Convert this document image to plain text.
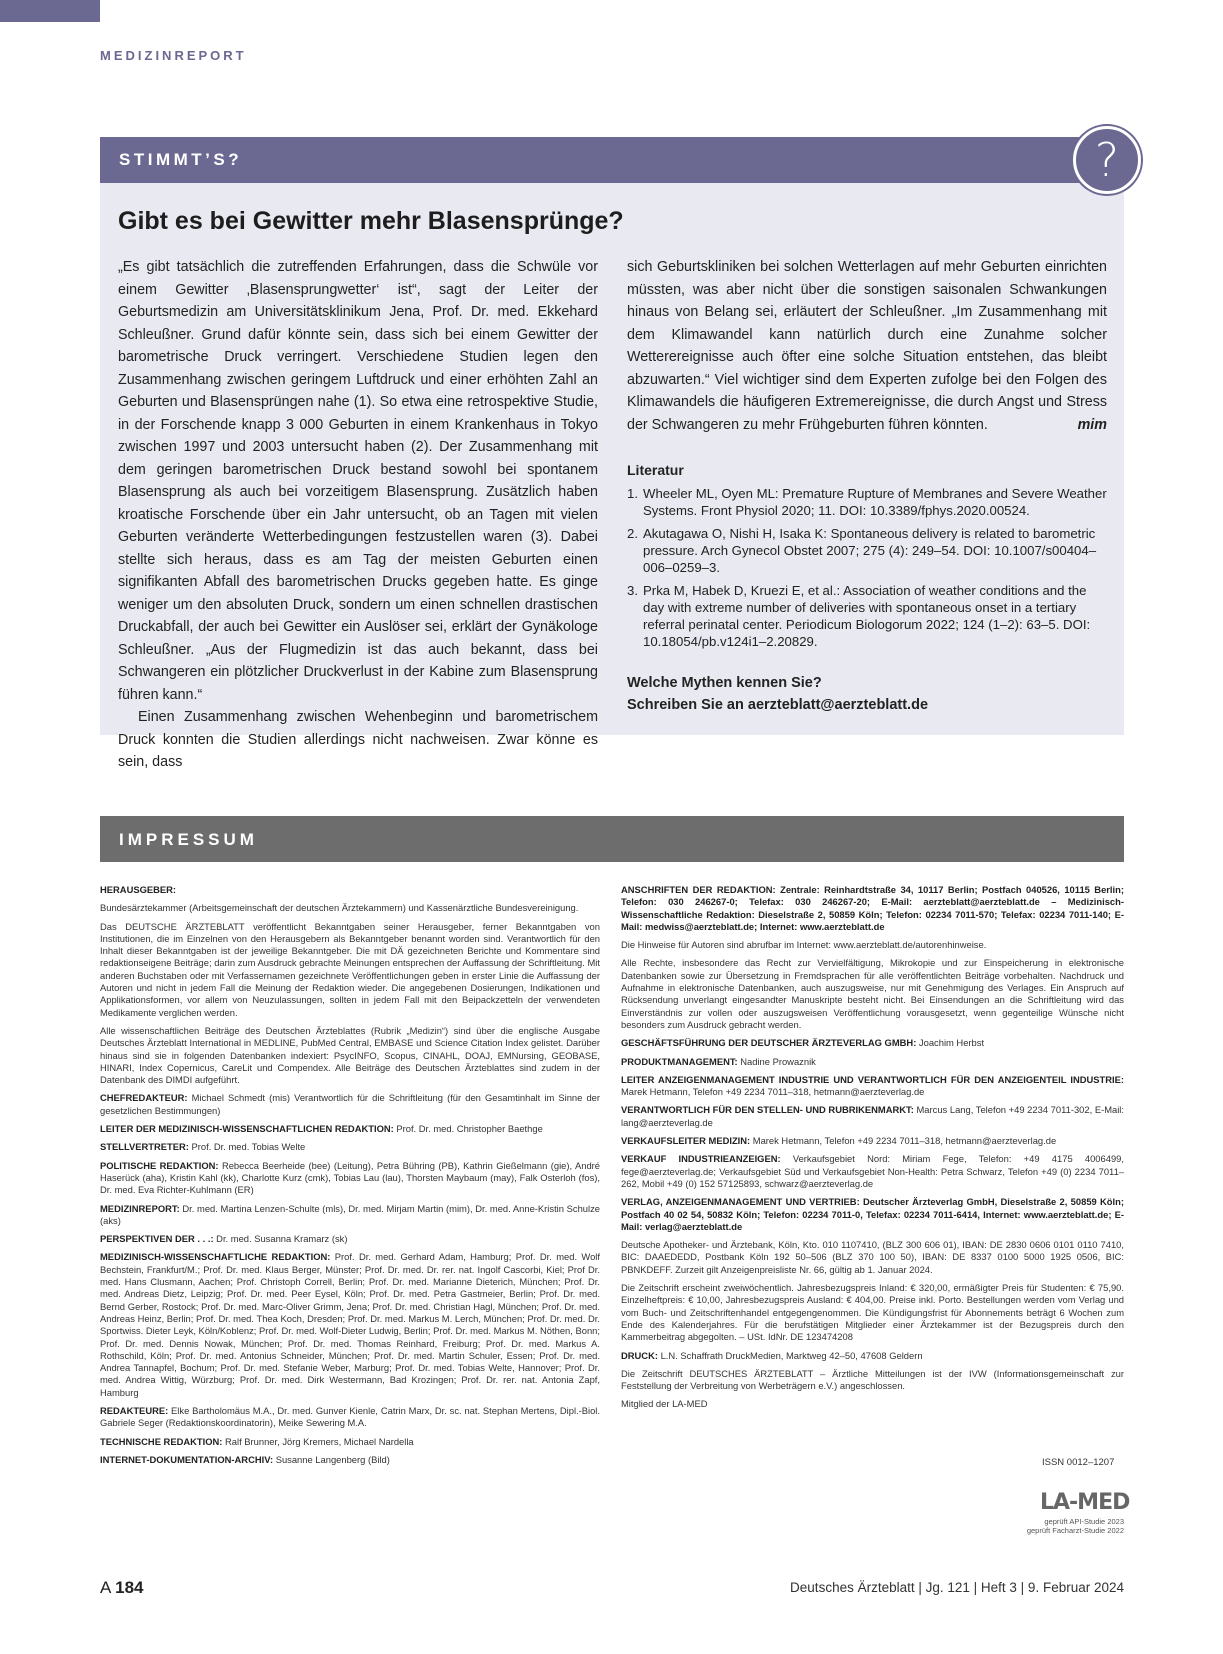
MEDIZINREPORT
STIMMT’S?
Gibt es bei Gewitter mehr Blasensprünge?

„Es gibt tatsächlich die zutreffenden Erfahrungen, dass die Schwüle vor einem Gewitter ‚Blasensprungwetter‘ ist“, sagt der Leiter der Geburtsmedizin am Universitätsklinikum Jena, Prof. Dr. med. Ekkehard Schleußner. Grund dafür könnte sein, dass sich bei einem Gewitter der barometrische Druck verringert. Verschiedene Studien legen den Zusammenhang zwischen geringem Luftdruck und einer erhöhten Zahl an Geburten und Blasensprüngen nahe (1). So etwa eine retrospektive Studie, in der Forschende knapp 3 000 Geburten in einem Krankenhaus in Tokyo zwischen 1997 und 2003 untersucht haben (2). Der Zusammenhang mit dem geringen barometrischen Druck bestand sowohl bei spontanem Blasensprung als auch bei vorzeitigem Blasensprung. Zusätzlich haben kroatische Forschende über ein Jahr untersucht, ob an Tagen mit vielen Geburten veränderte Wetterbedingungen festzustellen waren (3). Dabei stellte sich heraus, dass es am Tag der meisten Geburten einen signifikanten Abfall des barometrischen Drucks gegeben hatte. Es ginge weniger um den absoluten Druck, sondern um einen schnellen drastischen Druckabfall, der auch bei Gewitter ein Auslöser sei, erklärt der Gynäkologe Schleußner. „Aus der Flugmedizin ist das auch bekannt, dass bei Schwangeren ein plötzlicher Druckverlust in der Kabine zum Blasensprung führen kann.“

Einen Zusammenhang zwischen Wehenbeginn und barometrischem Druck konnten die Studien allerdings nicht nachweisen. Zwar könne es sein, dass

sich Geburtskliniken bei solchen Wetterlagen auf mehr Geburten einrichten müssten, was aber nicht über die sonstigen saisonalen Schwankungen hinaus von Belang sei, erläutert der Schleußner. „Im Zusammenhang mit dem Klimawandel kann natürlich durch eine Zunahme solcher Wetterereignisse auch öfter eine solche Situation entstehen, das bleibt abzuwarten.“ Viel wichtiger sind dem Experten zufolge bei den Folgen des Klimawandels die häufigeren Extremereignisse, die durch Angst und Stress der Schwangeren zu mehr Frühgeburten führen könnten.	mim

Literatur
1. Wheeler ML, Oyen ML: Premature Rupture of Membranes and Severe Weather Systems. Front Physiol 2020; 11. DOI: 10.3389/fphys.2020.00524.
2. Akutagawa O, Nishi H, Isaka K: Spontaneous delivery is related to barometric pressure. Arch Gynecol Obstet 2007; 275 (4): 249–54. DOI: 10.1007/s00404–006–0259–3.
3. Prka M, Habek D, Kruezi E, et al.: Association of weather conditions and the day with extreme number of deliveries with spontaneous onset in a tertiary referral perinatal center. Periodicum Biologorum 2022; 124 (1–2): 63–5. DOI: 10.18054/pb.v124i1–2.20829.
Welche Mythen kennen Sie?
Schreiben Sie an aerzteblatt@aerzteblatt.de
?
IMPRESSUM

HERAUSGEBER:

Bundesärztekammer (Arbeitsgemeinschaft der deutschen Ärztekammern) und Kassenärztliche Bundesvereinigung.

Das DEUTSCHE ÄRZTEBLATT veröffentlicht Bekanntgaben seiner Herausgeber, ferner Bekanntgaben von Institutionen, die im Einzelnen von den Herausgebern als Bekanntgeber benannt worden sind. Verantwortlich für den Inhalt dieser Bekanntgaben ist der jeweilige Bekanntgeber. Die mit DÄ gezeichneten Berichte und Kommentare sind redaktionseigene Beiträge; darin zum Ausdruck gebrachte Meinungen entsprechen der Auffassung der Schriftleitung. Mit anderen Buchstaben oder mit Verfassernamen gezeichnete Veröffentlichungen geben in erster Linie die Auffassung der Autoren und nicht in jedem Fall die Meinung der Redaktion wieder. Die angegebenen Dosierungen, Indikationen und Applikationsformen, vor allem von Neuzulassungen, sollten in jedem Fall mit den Beipackzetteln der verwendeten Medikamente verglichen werden.

Alle wissenschaftlichen Beiträge des Deutschen Ärzteblattes (Rubrik „Medizin“) sind über die englische Ausgabe Deutsches Ärzteblatt International in MEDLINE, PubMed Central, EMBASE und Science Citation Index gelistet. Darüber hinaus sind sie in folgenden Datenbanken indexiert: PsycINFO, Scopus, CINAHL, DOAJ, EMNursing, GEOBASE, HINARI, Index Copernicus, CareLit und Compendex. Alle Beiträge des Deutschen Ärzteblattes sind zudem in der Datenbank des DIMDI aufgeführt.

CHEFREDAKTEUR: Michael Schmedt (mis) Verantwortlich für die Schriftleitung (für den Gesamtinhalt im Sinne der gesetzlichen Bestimmungen)

LEITER DER MEDIZINISCH-WISSENSCHAFTLICHEN REDAKTION: Prof. Dr. med. Christopher Baethge

STELLVERTRETER: Prof. Dr. med. Tobias Welte

POLITISCHE REDAKTION: Rebecca Beerheide (bee) (Leitung), Petra Bühring (PB), Kathrin Gießelmann (gie), André Haserück (aha), Kristin Kahl (kk), Charlotte Kurz (cmk), Tobias Lau (lau), Thorsten Maybaum (may), Falk Osterloh (fos), Dr. med. Eva Richter-Kuhlmann (ER)

MEDIZINREPORT: Dr. med. Martina Lenzen-Schulte (mls), Dr. med. Mirjam Martin (mim), Dr. med. Anne-Kristin Schulze (aks)

PERSPEKTIVEN DER . . .: Dr. med. Susanna Kramarz (sk)

MEDIZINISCH-WISSENSCHAFTLICHE REDAKTION: Prof. Dr. med. Gerhard Adam, Hamburg; Prof. Dr. med. Wolf Bechstein, Frankfurt/M.; Prof. Dr. med. Klaus Berger, Münster; Prof. Dr. med. Dr. rer. nat. Ingolf Cascorbi, Kiel; Prof Dr. med. Hans Clusmann, Aachen; Prof. Christoph Correll, Berlin; Prof. Dr. med. Marianne Dieterich, München; Prof. Dr. med. Andreas Dietz, Leipzig; Prof. Dr. med. Peer Eysel, Köln; Prof. Dr. med. Petra Gastmeier, Berlin; Prof. Dr. med. Bernd Gerber, Rostock; Prof. Dr. med. Marc-Oliver Grimm, Jena; Prof. Dr. med. Christian Hagl, München; Prof. Dr. med. Andreas Heinz, Berlin; Prof. Dr. med. Thea Koch, Dresden; Prof. Dr. med. Markus M. Lerch, München; Prof. Dr. med. Dr. Sportwiss. Dieter Leyk, Köln/Koblenz; Prof. Dr. med. Wolf-Dieter Ludwig, Berlin; Prof. Dr. med. Markus M. Nöthen, Bonn; Prof. Dr. med. Dennis Nowak, München; Prof. Dr. med. Thomas Reinhard, Freiburg; Prof. Dr. med. Markus A. Rothschild, Köln; Prof. Dr. med. Antonius Schneider, München; Prof. Dr. med. Martin Schuler, Essen; Prof. Dr. med. Andrea Tannapfel, Bochum; Prof. Dr. med. Stefanie Weber, Marburg; Prof. Dr. med. Tobias Welte, Hannover; Prof. Dr. med. Andrea Wittig, Würzburg; Prof. Dr. med. Dirk Westermann, Bad Krozingen; Prof. Dr. rer. nat. Antonia Zapf, Hamburg

REDAKTEURE: Elke Bartholomäus M.A., Dr. med. Gunver Kienle, Catrin Marx, Dr. sc. nat. Stephan Mertens, Dipl.-Biol. Gabriele Seger (Redaktionskoordinatorin), Meike Sewering M.A.

TECHNISCHE REDAKTION: Ralf Brunner, Jörg Kremers, Michael Nardella

INTERNET-DOKUMENTATION-ARCHIV: Susanne Langenberg (Bild)

ANSCHRIFTEN DER REDAKTION: Zentrale: Reinhardtstraße 34, 10117 Berlin; Postfach 040526, 10115 Berlin; Telefon: 030 246267-0; Telefax: 030 246267-20; E-Mail: aerzteblatt@aerzteblatt.de – Medizinisch-Wissenschaftliche Redaktion: Dieselstraße 2, 50859 Köln; Telefon: 02234 7011-570; Telefax: 02234 7011-140; E-Mail: medwiss@aerzteblatt.de; Internet: www.aerzteblatt.de

Die Hinweise für Autoren sind abrufbar im Internet: www.aerzteblatt.de/autorenhinweise.

Alle Rechte, insbesondere das Recht zur Vervielfältigung, Mikrokopie und zur Einspeicherung in elektronische Datenbanken sowie zur Übersetzung in Fremdsprachen für alle veröffentlichten Beiträge vorbehalten. Nachdruck und Aufnahme in elektronische Datenbanken, auch auszugsweise, nur mit Genehmigung des Verlages. Ein Anspruch auf Rücksendung unverlangt eingesandter Manuskripte besteht nicht. Bei Einsendungen an die Schriftleitung wird das Einverständnis zur vollen oder auszugsweisen Veröffentlichung vorausgesetzt, wenn gegenteilige Wünsche nicht besonders zum Ausdruck gebracht werden.

GESCHÄFTSFÜHRUNG DER DEUTSCHER ÄRZTEVERLAG GMBH: Joachim Herbst

PRODUKTMANAGEMENT: Nadine Prowaznik

LEITER ANZEIGENMANAGEMENT INDUSTRIE UND VERANTWORTLICH FÜR DEN ANZEIGENTEIL INDUSTRIE: Marek Hetmann, Telefon +49 2234 7011–318, hetmann@aerzteverlag.de

VERANTWORTLICH FÜR DEN STELLEN- UND RUBRIKENMARKT: Marcus Lang, Telefon +49 2234 7011-302, E-Mail: lang@aerzteverlag.de

VERKAUFSLEITER MEDIZIN: Marek Hetmann, Telefon +49 2234 7011–318, hetmann@aerzteverlag.de

VERKAUF INDUSTRIEANZEIGEN: Verkaufsgebiet Nord: Miriam Fege, Telefon: +49 4175 4006499, fege@aerzteverlag.de; Verkaufsgebiet Süd und Verkaufsgebiet Non-Health: Petra Schwarz, Telefon +49 (0) 2234 7011–262, Mobil +49 (0) 152 57125893, schwarz@aerzteverlag.de

VERLAG, ANZEIGENMANAGEMENT UND VERTRIEB: Deutscher Ärzteverlag GmbH, Dieselstraße 2, 50859 Köln; Postfach 40 02 54, 50832 Köln; Telefon: 02234 7011-0, Telefax: 02234 7011-6414, Internet: www.aerzteblatt.de; E-Mail: verlag@aerzteblatt.de

Deutsche Apotheker- und Ärztebank, Köln, Kto. 010 1107410, (BLZ 300 606 01), IBAN: DE 2830 0606 0101 0110 7410, BIC: DAAEDEDD, Postbank Köln 192 50–506 (BLZ 370 100 50), IBAN: DE 8337 0100 5000 1925 0506, BIC: PBNKDEFF. Zurzeit gilt Anzeigenpreisliste Nr. 66, gültig ab 1. Januar 2024.

Die Zeitschrift erscheint zweiwöchentlich. Jahresbezugspreis Inland: € 320,00, ermäßigter Preis für Studenten: € 75,90. Einzelheftpreis: € 10,00, Jahresbezugspreis Ausland: € 404,00. Preise inkl. Porto. Bestellungen werden vom Verlag und vom Buch- und Zeitschriftenhandel entgegengenommen. Die Kündigungsfrist für Abonnements beträgt 6 Wochen zum Ende des Kalenderjahres. Für die berufstätigen Mitglieder einer Ärztekammer ist der Bezugspreis durch den Kammerbeitrag abgegolten. – USt. IdNr. DE 123474208

DRUCK: L.N. Schaffrath DruckMedien, Marktweg 42–50, 47608 Geldern

Die Zeitschrift DEUTSCHES ÄRZTEBLATT – Ärztliche Mitteilungen ist der IVW (Informationsgemeinschaft zur Feststellung der Verbreitung von Werbeträgern e.V.) angeschlossen.

Mitglied der LA-MED

ISSN 0012–1207
LA-MED
geprüft API-Studie 2023
geprüft Facharzt-Studie 2022
A 184	Deutsches Ärzteblatt | Jg. 121 | Heft 3 | 9. Februar 2024
